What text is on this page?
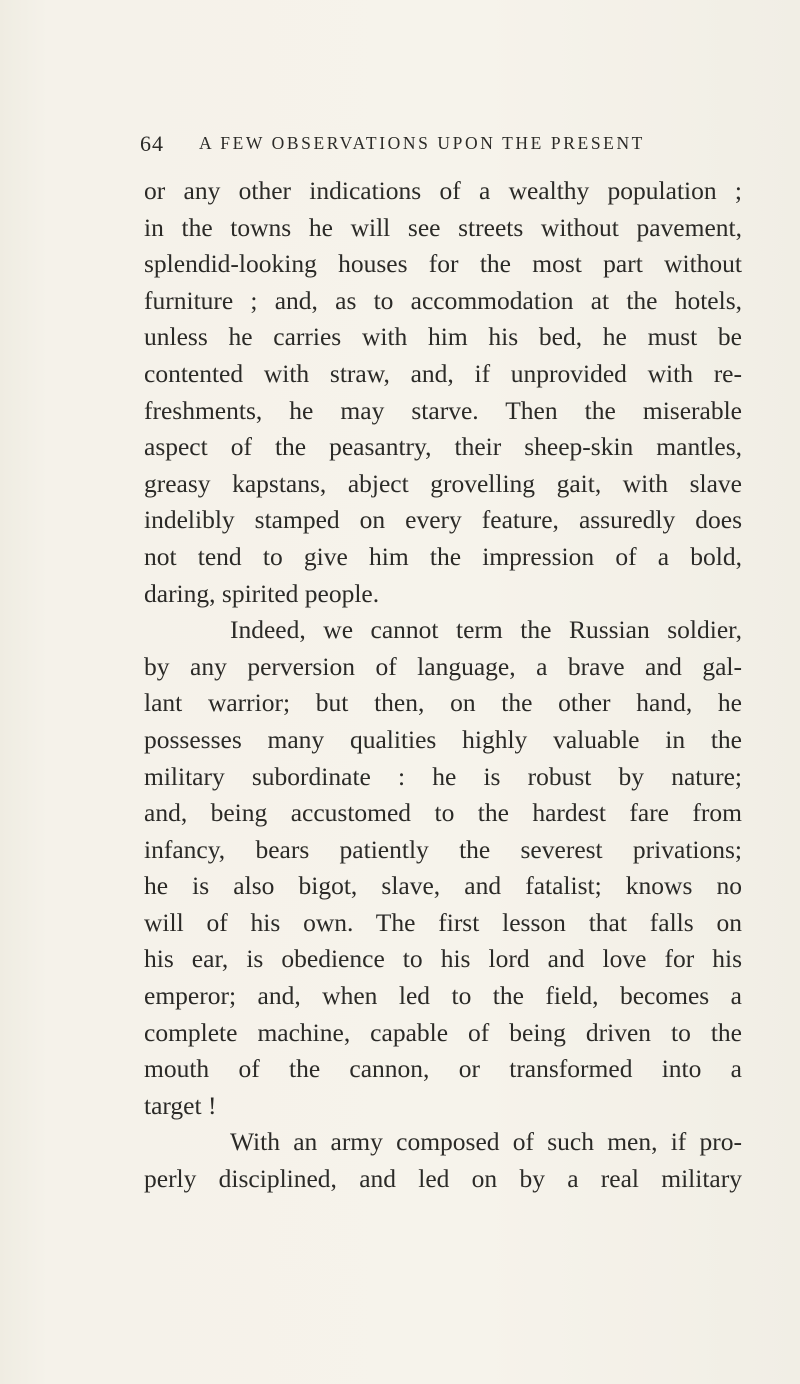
64 A FEW OBSERVATIONS UPON THE PRESENT
or any other indications of a wealthy population ;
in the towns he will see streets without pavement,
splendid-looking houses for the most part without
furniture ; and, as to accommodation at the hotels,
unless he carries with him his bed, he must be
contented with straw, and, if unprovided with re-
freshments, he may starve. Then the miserable
aspect of the peasantry, their sheep-skin mantles,
greasy kapstans, abject grovelling gait, with slave
indelibly stamped on every feature, assuredly does
not tend to give him the impression of a bold,
daring, spirited people.
Indeed, we cannot term the Russian soldier,
by any perversion of language, a brave and gal-
lant warrior; but then, on the other hand, he
possesses many qualities highly valuable in the
military subordinate : he is robust by nature;
and, being accustomed to the hardest fare from
infancy, bears patiently the severest privations;
he is also bigot, slave, and fatalist; knows no
will of his own. The first lesson that falls on
his ear, is obedience to his lord and love for his
emperor; and, when led to the field, becomes a
complete machine, capable of being driven to the
mouth of the cannon, or transformed into a
target !
With an army composed of such men, if pro-
perly disciplined, and led on by a real military
